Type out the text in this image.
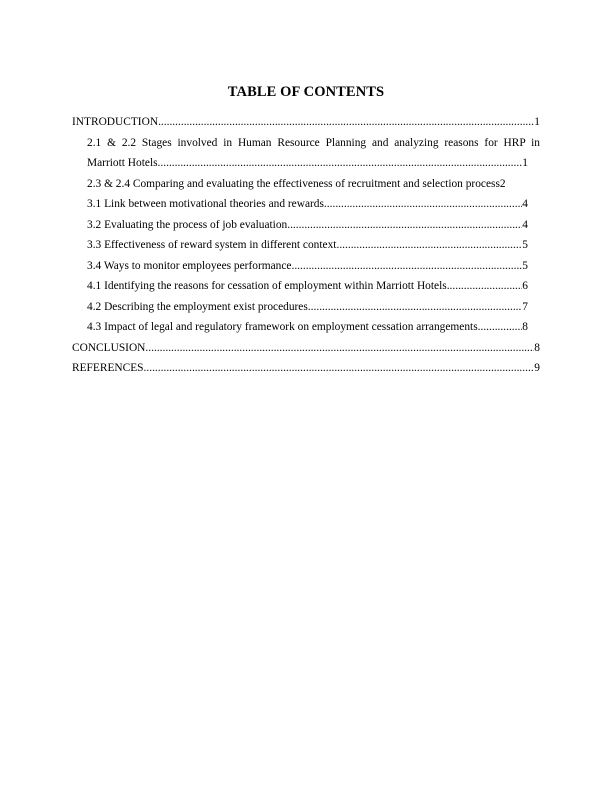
TABLE OF CONTENTS
INTRODUCTION .....	1
2.1 & 2.2 Stages involved in Human Resource Planning and analyzing reasons for HRP in
Marriott Hotels .....	1
2.3 & 2.4 Comparing and evaluating the effectiveness of recruitment and selection process 2
3.1 Link between motivational theories and rewards .....	4
3.2 Evaluating the process of job evaluation .....	4
3.3 Effectiveness of reward system in different context .....	5
3.4 Ways to monitor employees performance .....	5
4.1 Identifying the reasons for cessation of employment within Marriott Hotels .....	6
4.2 Describing the employment exist procedures .....	7
4.3 Impact of legal and regulatory framework on employment cessation arrangements .....	8
CONCLUSION .....	8
REFERENCES .....	9
